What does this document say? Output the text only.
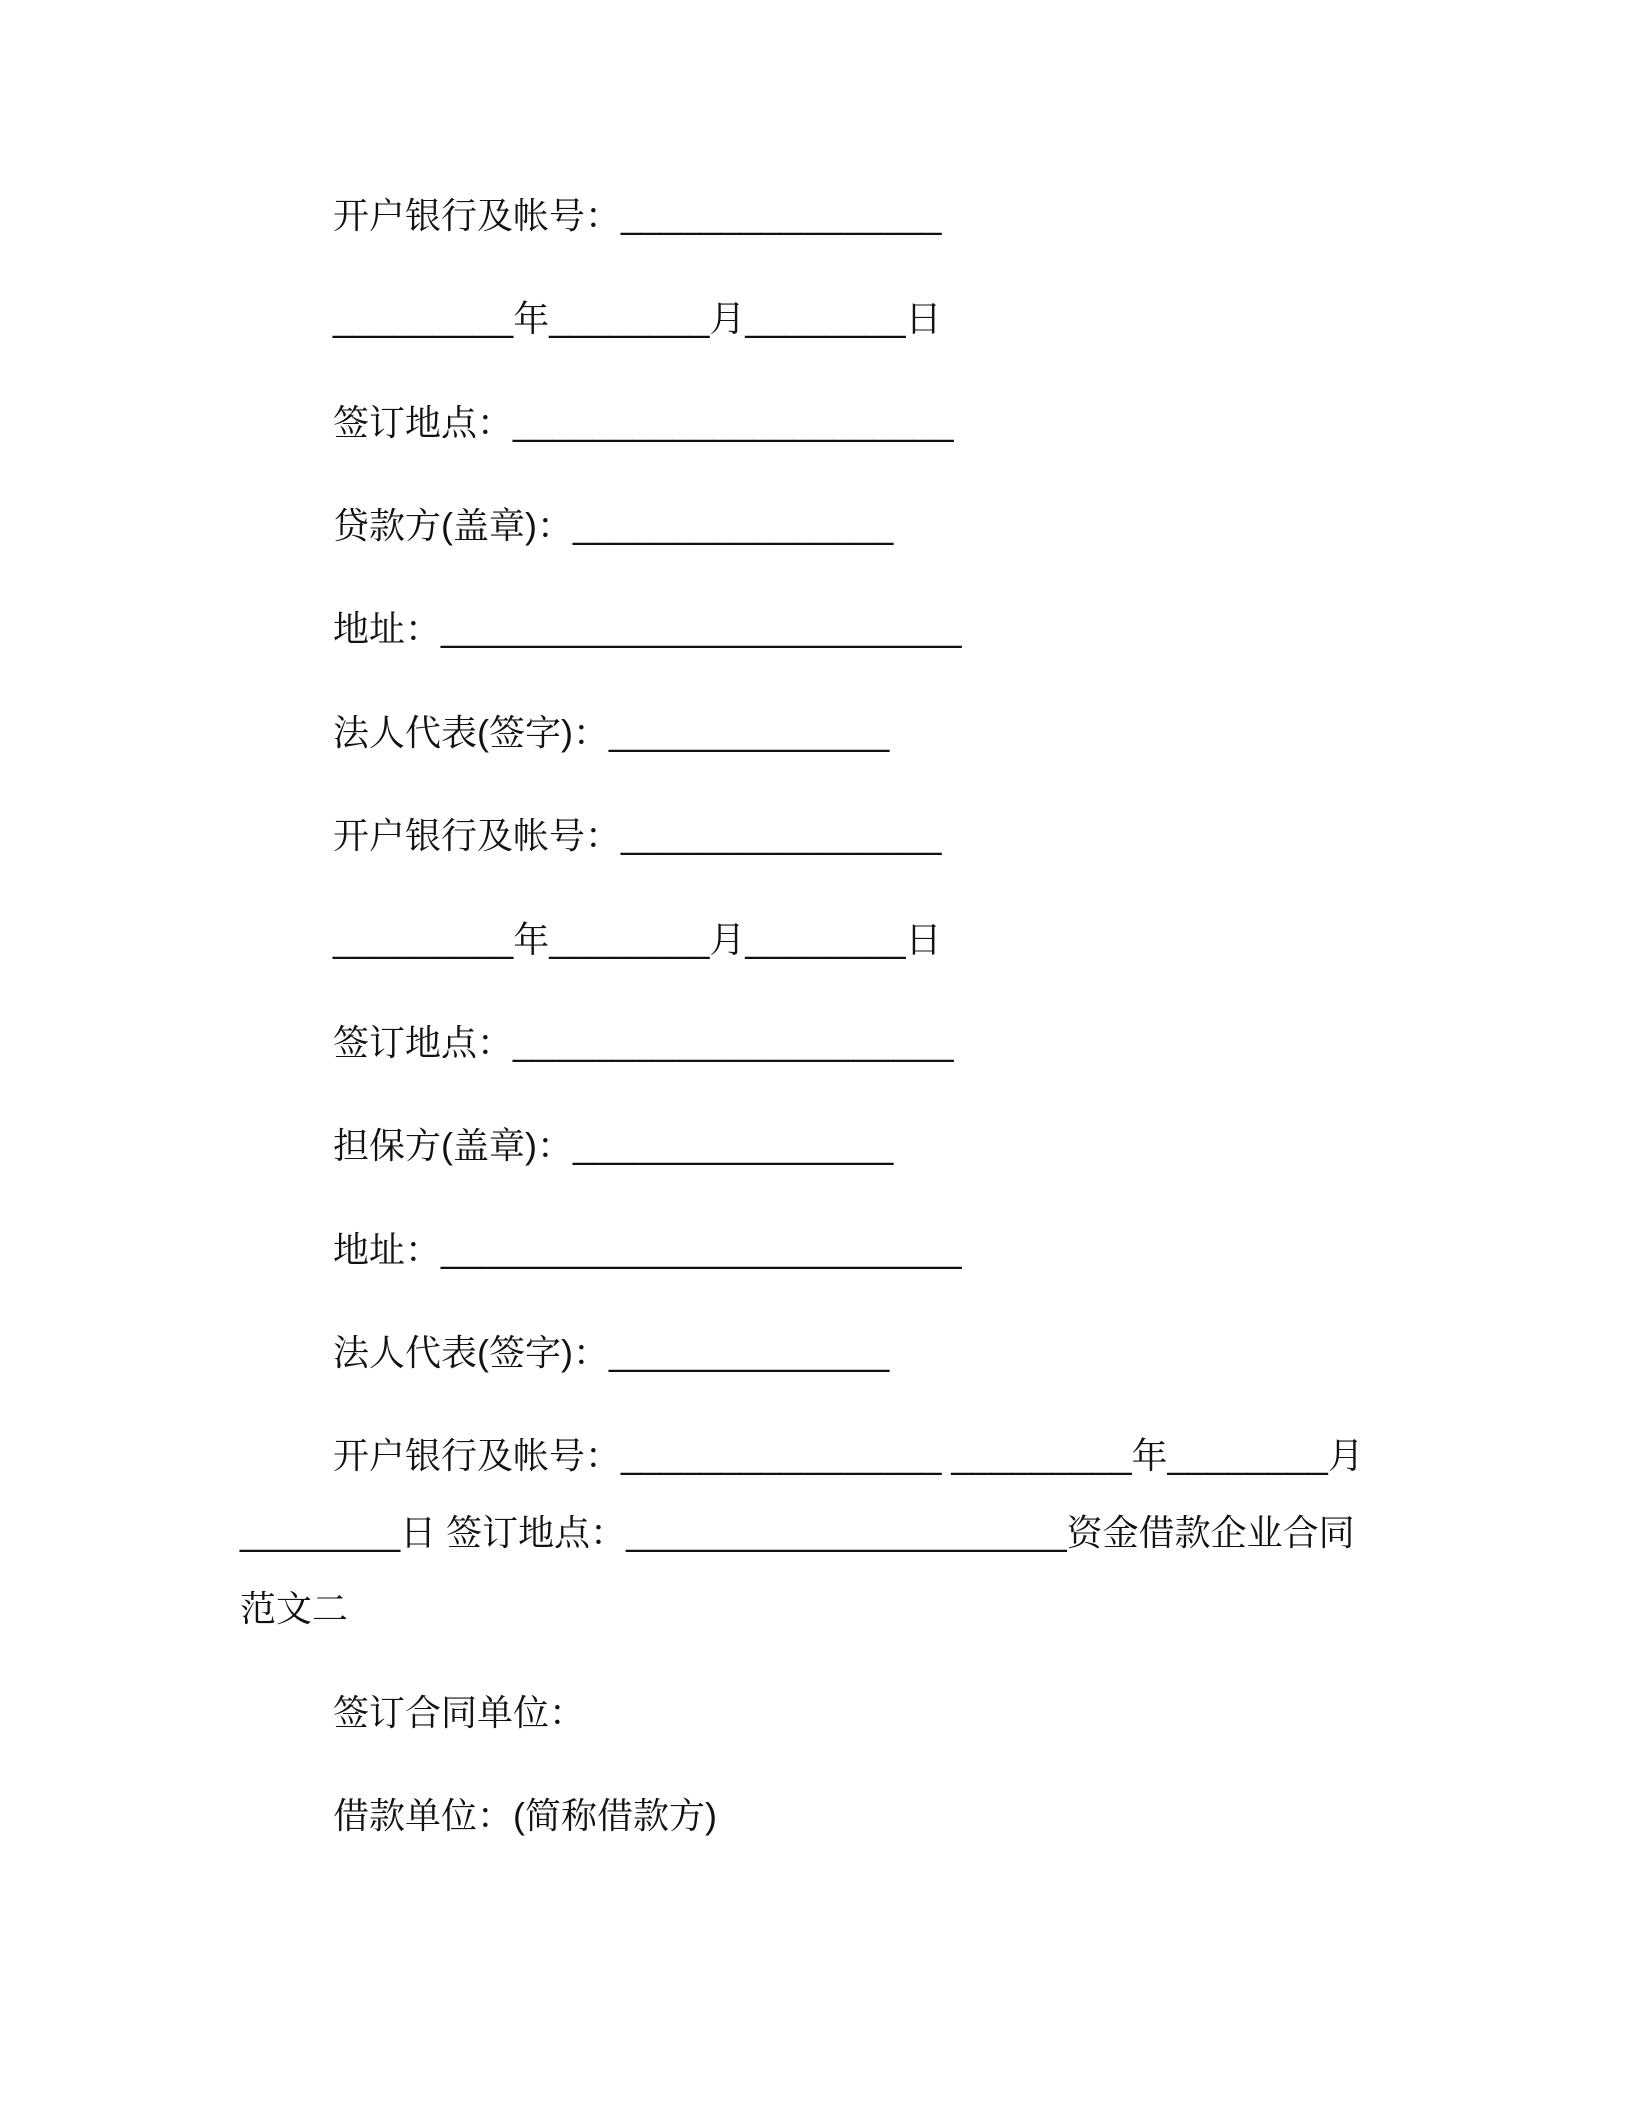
开户银行及帐号：________________

_________年________月________日

签订地点：______________________

贷款方(盖章)：________________

地址：__________________________

法人代表(签字)：______________

开户银行及帐号：________________

_________年________月________日

签订地点：______________________

担保方(盖章)：________________

地址：__________________________

法人代表(签字)：______________

开户银行及帐号：________________ _________年________月

________日 签订地点：______________________资金借款企业合同

范文二

签订合同单位：

借款单位：(简称借款方)
